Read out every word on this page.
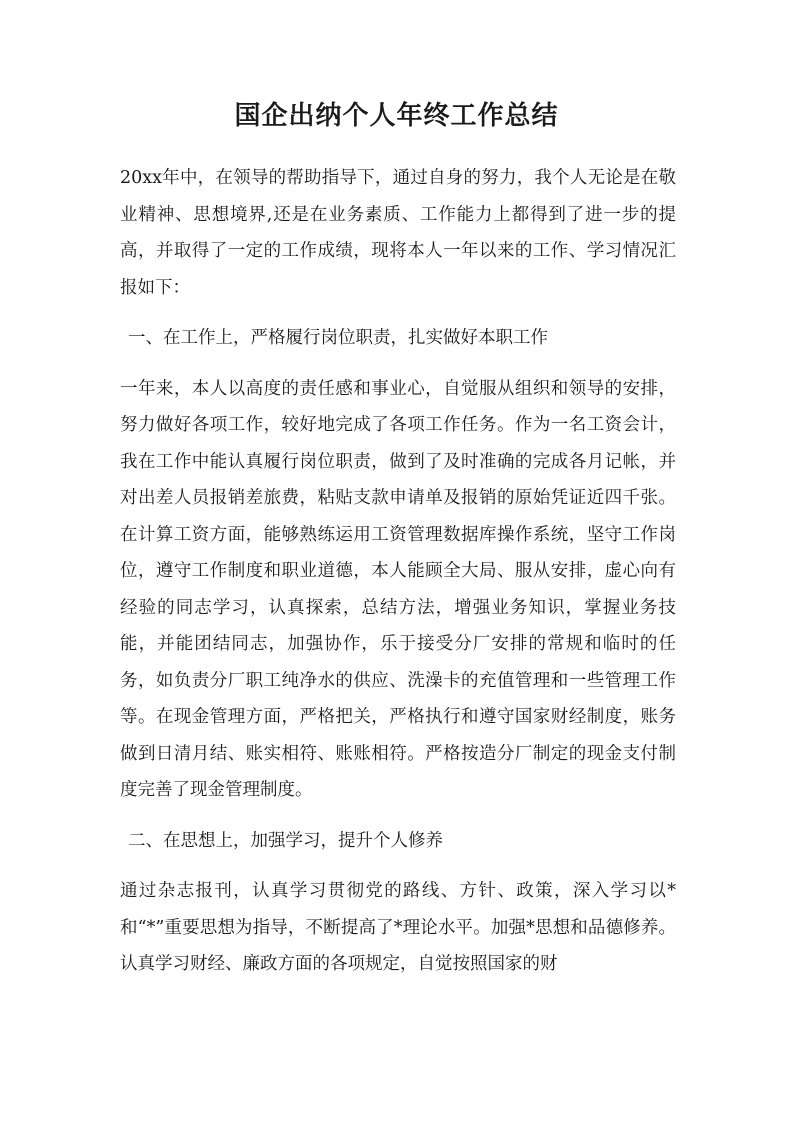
国企出纳个人年终工作总结

20xx年中，在领导的帮助指导下，通过自身的努力，我个人无论是在敬业精神、思想境界,还是在业务素质、工作能力上都得到了进一步的提高，并取得了一定的工作成绩，现将本人一年以来的工作、学习情况汇报如下：

一、在工作上，严格履行岗位职责，扎实做好本职工作

一年来，本人以高度的责任感和事业心，自觉服从组织和领导的安排，努力做好各项工作，较好地完成了各项工作任务。作为一名工资会计，我在工作中能认真履行岗位职责，做到了及时准确的完成各月记帐，并对出差人员报销差旅费，粘贴支款申请单及报销的原始凭证近四千张。在计算工资方面，能够熟练运用工资管理数据库操作系统，坚守工作岗位，遵守工作制度和职业道德，本人能顾全大局、服从安排，虚心向有经验的同志学习，认真探索，总结方法，增强业务知识，掌握业务技能，并能团结同志，加强协作，乐于接受分厂安排的常规和临时的任务，如负责分厂职工纯净水的供应、洗澡卡的充值管理和一些管理工作等。在现金管理方面，严格把关，严格执行和遵守国家财经制度，账务做到日清月结、账实相符、账账相符。严格按造分厂制定的现金支付制度完善了现金管理制度。

二、在思想上，加强学习，提升个人修养

通过杂志报刊，认真学习贯彻党的路线、方针、政策，深入学习以*和“*”重要思想为指导，不断提高了*理论水平。加强*思想和品德修养。认真学习财经、廉政方面的各项规定，自觉按照国家的财
